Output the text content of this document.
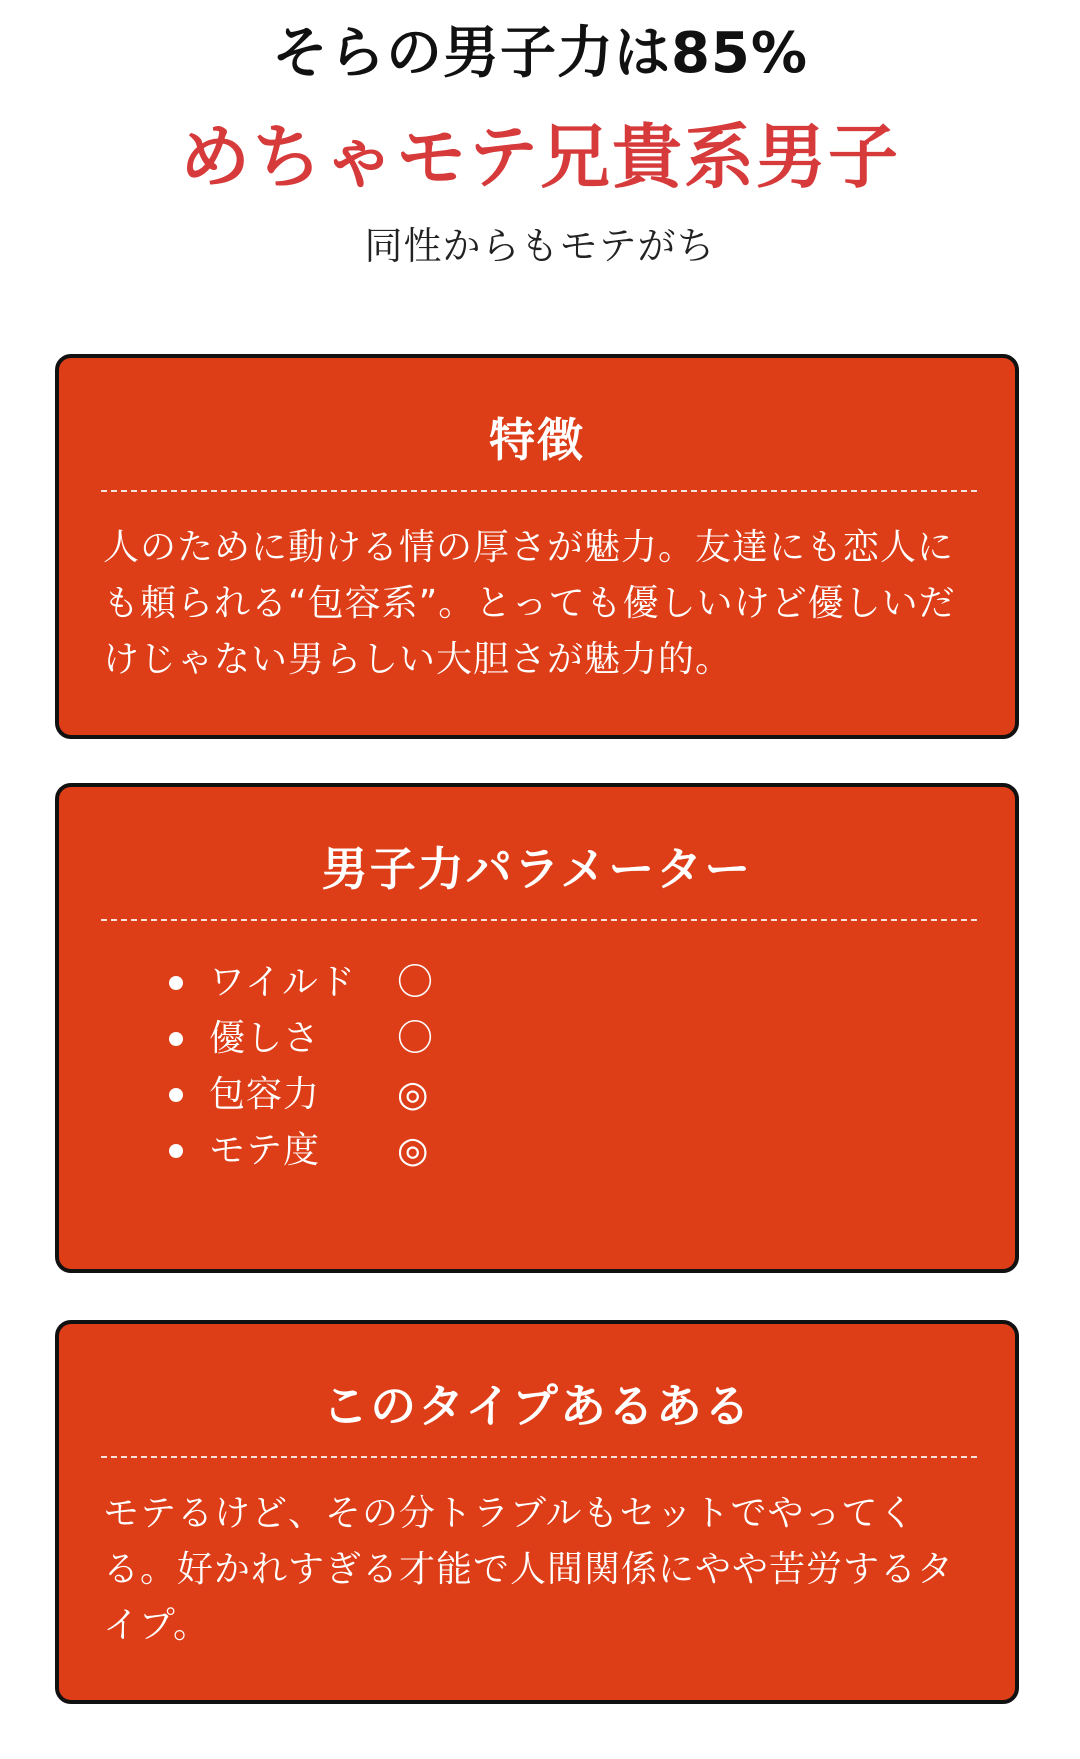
そらの男子力は85%
めちゃモテ兄貴系男子
同性からもモテがち
特徴
人のために動ける情の厚さが魅力。友達にも恋人にも頼られる“包容系”。とっても優しいけど優しいだけじゃない男らしい大胆さが魅力的。
男子力パラメーター
ワイルド 〇
優しさ 〇
包容力 ◎
モテ度 ◎
このタイプあるある
モテるけど、その分トラブルもセットでやってくる。好かれすぎる才能で人間関係にやや苦労するタイプ。
